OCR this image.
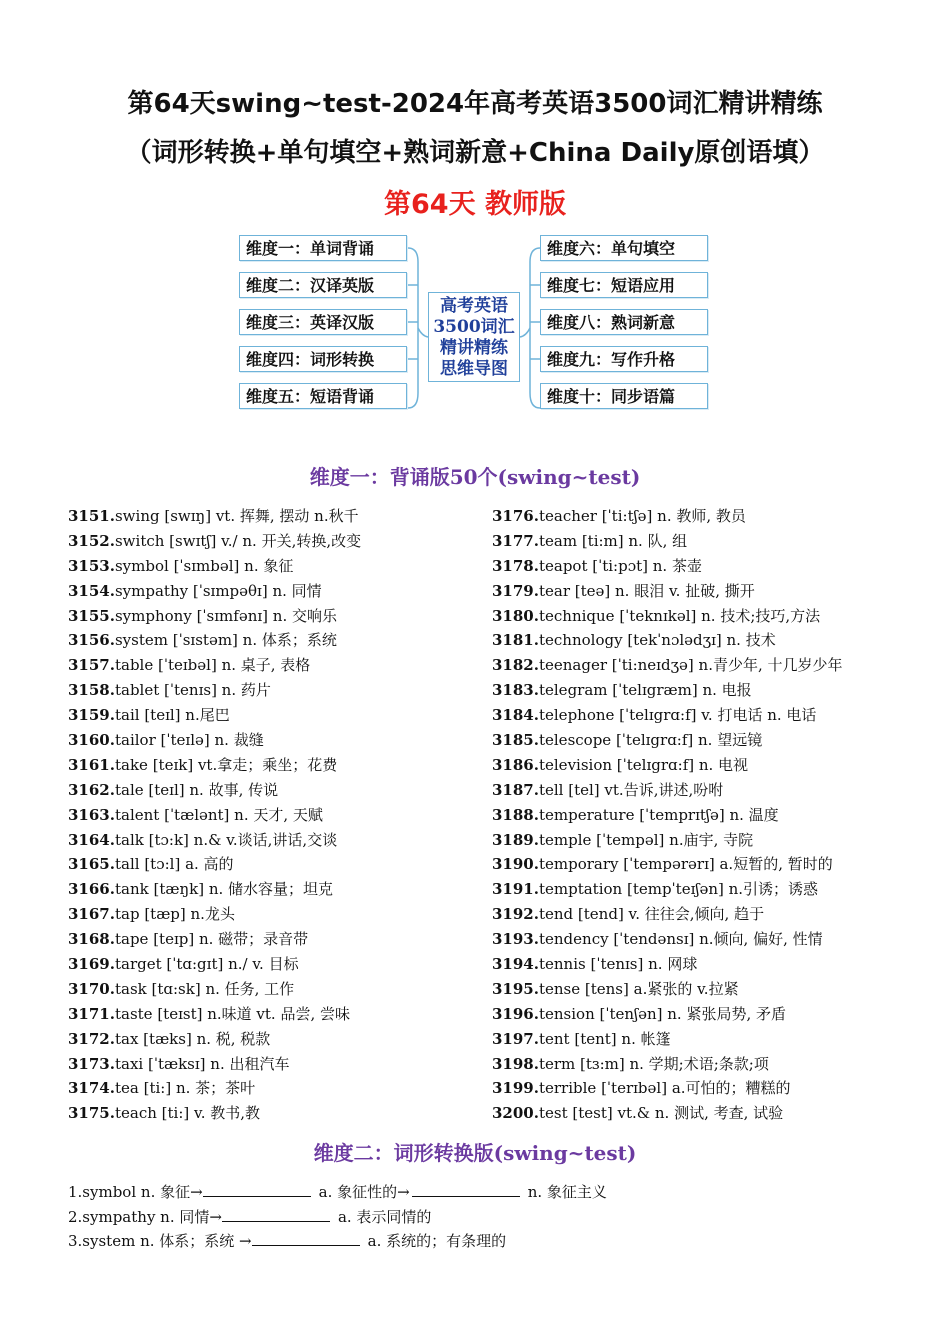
第64天swing~test-2024年高考英语3500词汇精讲精练
（词形转换+单句填空+熟词新意+China Daily原创语填）
第64天 教师版
维度一：单词背诵
维度二：汉译英版
维度三：英译汉版
维度四：词形转换
维度五：短语背诵
高考英语
3500词汇
精讲精练
思维导图
维度六：单句填空
维度七：短语应用
维度八：熟词新意
维度九：写作升格
维度十：同步语篇
维度一：背诵版50个(swing~test)
3151.swing [swɪŋ] vt. 挥舞, 摆动 n.秋千
3152.switch [swɪtʃ] v./ n. 开关,转换,改变
3153.symbol [ˈsɪmbəl] n. 象征
3154.sympathy [ˈsɪmpəθɪ] n. 同情
3155.symphony [ˈsɪmfənɪ] n. 交响乐
3156.system [ˈsɪstəm] n. 体系；系统
3157.table [ˈteɪbəl] n. 桌子, 表格
3158.tablet [ˈtenɪs] n. 药片
3159.tail [teɪl] n.尾巴
3160.tailor [ˈteɪlə] n. 裁缝
3161.take [teɪk] vt.拿走；乘坐；花费
3162.tale [teɪl] n. 故事, 传说
3163.talent [ˈtælənt] n. 天才, 天赋
3164.talk [tɔ:k] n.& v.谈话,讲话,交谈
3165.tall [tɔ:l] a. 高的
3166.tank [tæŋk] n. 储水容量；坦克
3167.tap [tæp] n.龙头
3168.tape [teɪp] n. 磁带；录音带
3169.target [ˈtɑ:gɪt] n./ v. 目标
3170.task [tɑ:sk] n. 任务, 工作
3171.taste [teɪst] n.味道 vt. 品尝, 尝味
3172.tax [tæks] n. 税, 税款
3173.taxi [ˈtæksɪ] n. 出租汽车
3174.tea [ti:] n. 茶；茶叶
3175.teach [ti:] v. 教书,教
3176.teacher [ˈti:tʃə] n. 教师, 教员
3177.team [ti:m] n. 队, 组
3178.teapot [ˈti:pɔt] n. 茶壶
3179.tear [teə] n. 眼泪 v. 扯破, 撕开
3180.technique [ˈteknɪkəl] n. 技术;技巧,方法
3181.technology [tekˈnɔlədʒɪ] n. 技术
3182.teenager [ˈti:neɪdʒə] n.青少年, 十几岁少年
3183.telegram [ˈtelɪgræm] n. 电报
3184.telephone [ˈtelɪgrɑ:f] v. 打电话 n. 电话
3185.telescope [ˈtelɪgrɑ:f] n. 望远镜
3186.television [ˈtelɪgrɑ:f] n. 电视
3187.tell [tel] vt.告诉,讲述,吩咐
3188.temperature [ˈtemprɪtʃə] n. 温度
3189.temple [ˈtempəl] n.庙宇, 寺院
3190.temporary [ˈtempərərɪ] a.短暂的, 暂时的
3191.temptation [tempˈteɪʃən] n.引诱；诱惑
3192.tend [tend] v. 往往会,倾向, 趋于
3193.tendency [ˈtendənsɪ] n.倾向, 偏好, 性情
3194.tennis [ˈtenɪs] n. 网球
3195.tense [tens] a.紧张的 v.拉紧
3196.tension [ˈtenʃən] n. 紧张局势, 矛盾
3197.tent [tent] n. 帐篷
3198.term [tɜ:m] n. 学期;术语;条款;项
3199.terrible [ˈterɪbəl] a.可怕的；糟糕的
3200.test [test] vt.& n. 测试, 考查, 试验
维度二：词形转换版(swing~test)
1.symbol n. 象征→	a. 象征性的→	n. 象征主义
2.sympathy n. 同情→	a. 表示同情的
3.system n. 体系；系统 →	a. 系统的；有条理的
